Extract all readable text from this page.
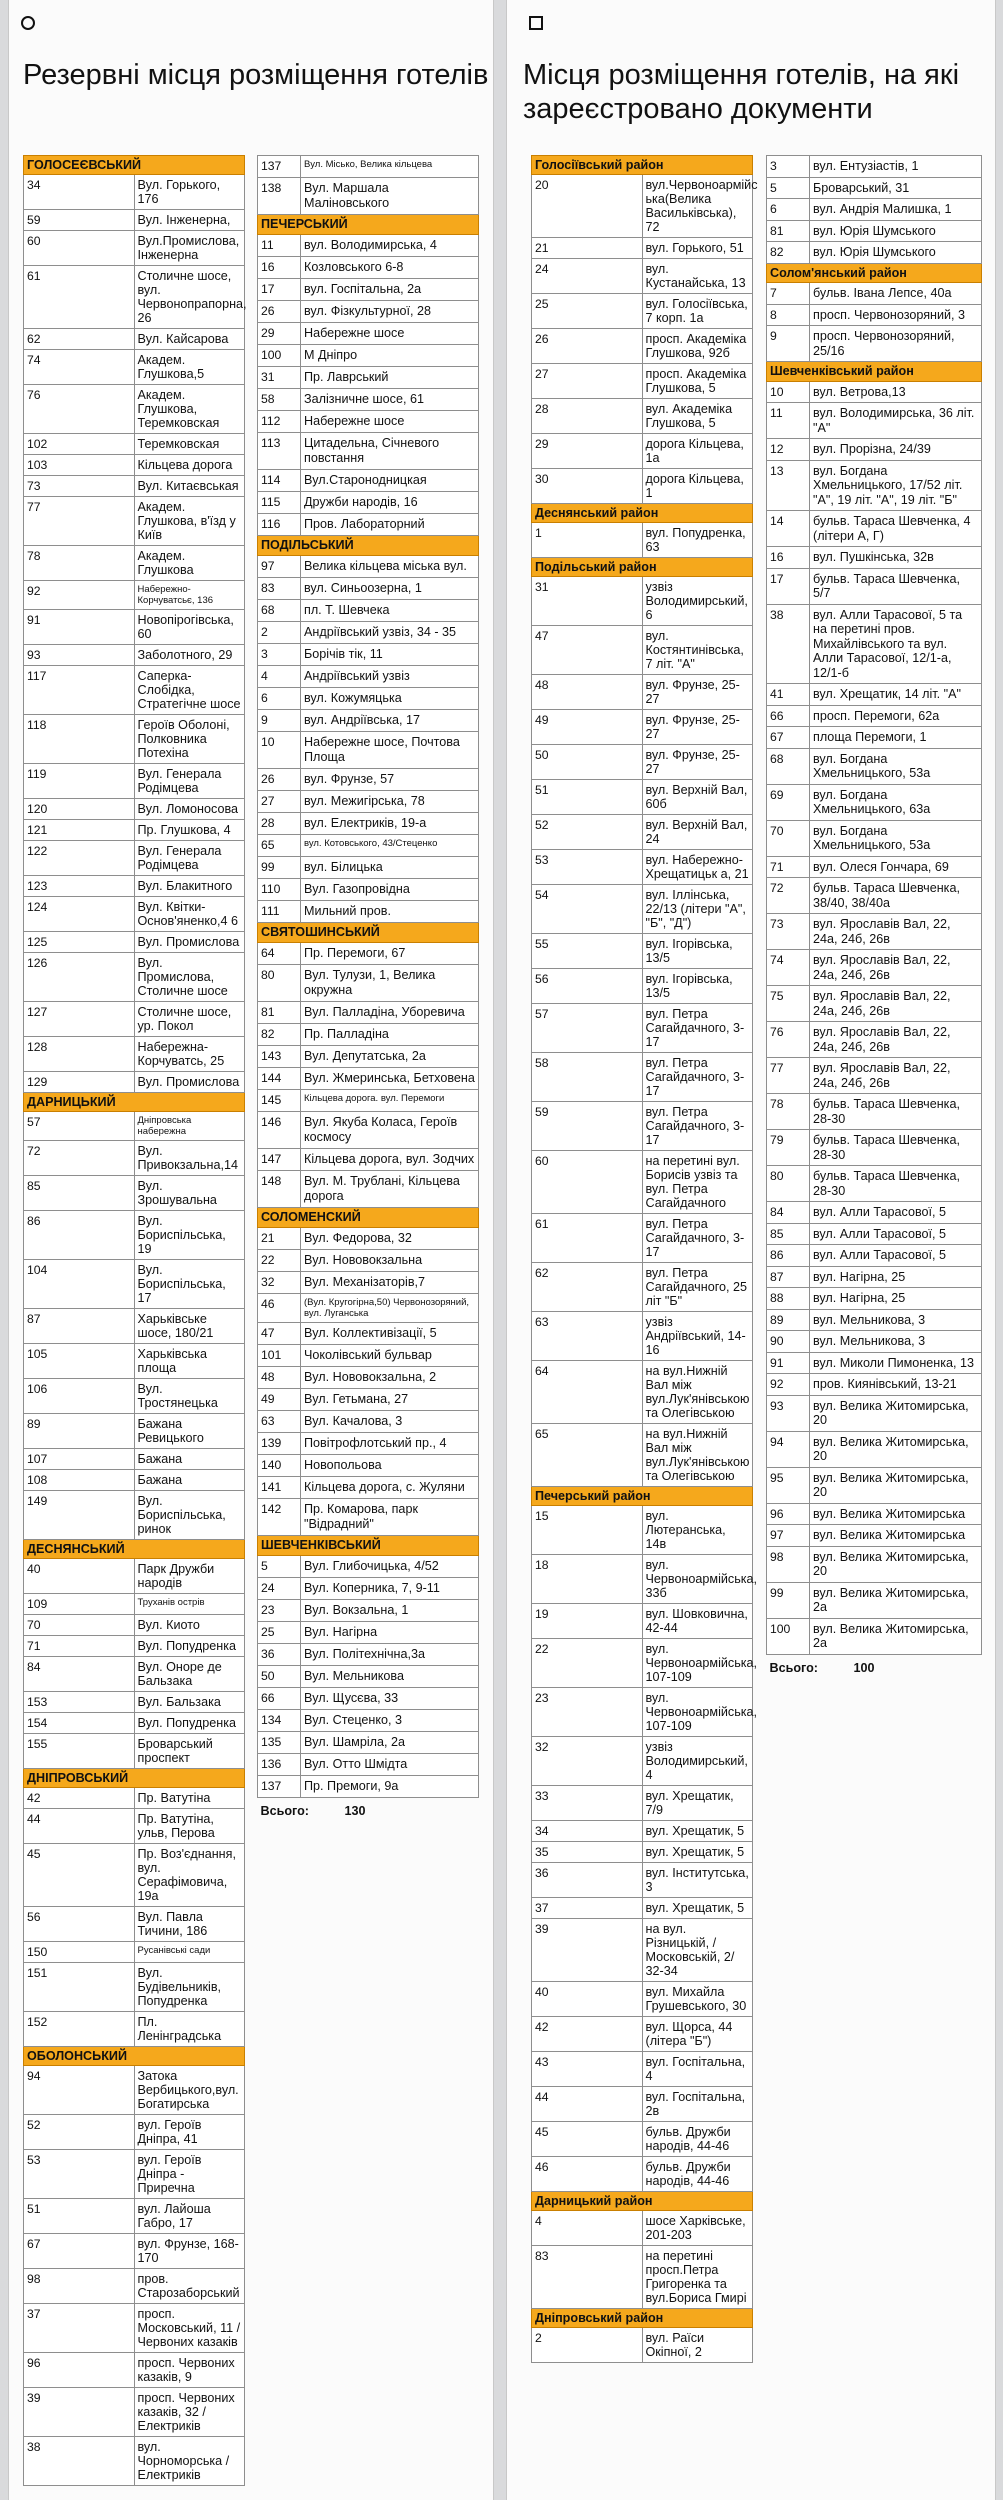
Резервні місця розміщення готелів
ГОЛОСЕЄВСЬКИЙ	
34	Вул. Горького, 176
59	Вул. Інженерна,
60	Вул.Промислова, Інженерна
61	Столичне шосе, вул. Червонопрапорна, 26
62	Вул. Кайсарова
74	Академ. Глушкова,5
76	Академ. Глушкова, Теремковская
102	Теремковская
103	Кільцева дорога
73	Вул. Китаєвськая
77	Академ. Глушкова, в'їзд у Київ
78	Академ. Глушкова
92	Набережно-Корчуватсьє, 136
91	Новопірогівська, 60
93	Заболотного, 29
117	Саперка-Слобідка, Стратегічне шосе
118	Героїв Оболоні, Полковника Потехіна
119	Вул. Генерала Родімцева
120	Вул. Ломоносова
121	Пр. Глушкова, 4
122	Вул. Генерала Родімцева
123	Вул. Блакитного
124	Вул. Квітки-Основ'яненко,4 6
125	Вул. Промислова
126	Вул. Промислова, Столичне шосе
127	Столичне шосе, ур. Покол
128	Набережна-Корчуватсь, 25
129	Вул. Промислова
ДАРНИЦЬКИЙ	
57	Дніпровська набережна
72	Вул. Привокзальна,14
85	Вул. Зрошувальна
86	Вул. Бориспільська, 19
104	Вул. Бориспільська, 17
87	Харьківське шосе, 180/21
105	Харьківська площа
106	Вул. Тростянецька
89	Бажана Ревицького
107	Бажана
108	Бажана
149	Вул. Бориспільська, ринок
ДЕСНЯНСЬКИЙ	
40	Парк Дружби народів
109	Труханів острів
70	Вул. Киото
71	Вул. Попудренка
84	Вул. Оноре де Бальзака
153	Вул. Бальзака
154	Вул. Попудренка
155	Броварський проспект
ДНІПРОВСЬКИЙ	
42	Пр. Ватутіна
44	Пр. Ватутіна, ульв, Перова
45	Пр. Воз'єднання, вул. Серафімовича, 19а
56	Вул. Павла Тичини, 186
150	Русанівські сади
151	Вул. Будівельників, Попудренка
152	Пл. Ленінградська
ОБОЛОНСЬКИЙ	
94	Затока Вербицького,вул. Богатирська
52	вул. Героїв Дніпра, 41
53	вул. Героїв Дніпра - Приречна
51	вул. Лайоша Габро, 17
67	вул. Фрунзе, 168-170
98	пров. Старозаборський
37	просп. Московський, 11 /Червоних казаків
96	просп. Червоних казаків, 9
39	просп. Червоних казаків, 32 / Електриків
38	вул. Чорноморська / Електриків
137	Вул. Місько, Велика кільцева
138	Вул. Маршала Маліновського
ПЕЧЕРСЬКИЙ	
11	вул. Володимирська, 4
16	Козловського 6-8
17	вул. Госпітальна, 2а
26	вул. Фізкультурної, 28
29	Набережне шосе
100	М Дніпро
31	Пр. Лаврський
58	Залізничне шосе, 61
112	Набережне шосе
113	Цитадельна, Січневого повстання
114	Вул.Старонодницкая
115	Дружби народів, 16
116	Пров. Лабораторний
ПОДІЛЬСЬКИЙ	
97	Велика кільцева міська вул.
83	вул. Синьоозерна, 1
68	пл. Т. Шевчека
2	Андріївський узвіз, 34 - 35
3	Борічів тік, 11
4	Андріївський узвіз
6	вул. Кожумяцька
9	вул. Андріївська, 17
10	Набережне шосе, Почтова Площа
26	вул. Фрунзе, 57
27	вул. Межигірська, 78
28	вул. Електриків, 19-а
65	вул. Котовського, 43/Стеценко
99	вул. Білицька
110	Вул. Газопровідна
111	Мильний пров.
СВЯТОШИНСЬКИЙ	
64	Пр. Перемоги, 67
80	Вул. Тулузи, 1, Велика окружна
81	Вул. Палладіна, Уборевича
82	Пр. Палладіна
143	Вул. Депутатська, 2а
144	Вул. Жмеринська, Бетховена
145	Кільцева дорога. вул. Перемоги
146	Вул. Якуба Коласа, Героїв космосу
147	Кільцева дорога, вул. Зодчих
148	Вул. М. Трублані, Кільцева дорога
СОЛОМЕНСКИЙ	
21	Вул. Федорова, 32
22	Вул. Нововокзальна
32	Вул. Механізаторів,7
46	(Вул. Кругогірна,50) Червонозоряний, вул. Луганська
47	Вул. Коллективізації, 5
101	Чоколівський бульвар
48	Вул. Нововокзальна, 2
49	Вул. Гетьмана, 27
63	Вул. Качалова, 3
139	Повітрофлотський пр., 4
140	Новопольова
141	Кільцева дорога, с. Жуляни
142	Пр. Комарова, парк "Відрадний"
ШЕВЧЕНКІВСЬКИЙ	
5	Вул. Глибочицька, 4/52
24	Вул. Коперника, 7, 9-11
23	Вул. Вокзальна, 1
25	Вул. Нагірна
36	Вул. Політехнічна,3а
50	Вул. Мельникова
66	Вул. Щусєва, 33
134	Вул. Стеценко, 3
135	Вул. Шамріла, 2а
136	Вул. Отто Шмідта
137	Пр. Премоги, 9а
Всього:	130
Місця розміщення готелів, на які зареєстровано документи
Голосіївський район	
20	вул.Червоноармійс ька(Велика Васильківська), 72
21	вул. Горького, 51
24	вул. Кустанайська, 13
25	вул. Голосіївська, 7 корп. 1а
26	просп. Академіка Глушкова, 92б
27	просп. Академіка Глушкова, 5
28	вул. Академіка Глушкова, 5
29	дорога Кільцева, 1а
30	дорога Кільцева, 1
Деснянський район	
1	вул. Попудренка, 63
Подільський район	
31	узвіз Володимирський, 6
47	вул. Костянтинівська, 7 літ. "А"
48	вул. Фрунзе, 25-27
49	вул. Фрунзе, 25-27
50	вул. Фрунзе, 25-27
51	вул. Верхній Вал, 60б
52	вул. Верхній Вал, 24
53	вул. Набережно-Хрещатицьк а, 21
54	вул. Іллінська, 22/13 (літери "А", "Б", "Д")
55	вул. Ігорівська, 13/5
56	вул. Ігорівська, 13/5
57	вул. Петра Сагайдачного, 3-17
58	вул. Петра Сагайдачного, 3-17
59	вул. Петра Сагайдачного, 3-17
60	на перетині вул. Борисів узвіз та вул. Петра Сагайдачного
61	вул. Петра Сагайдачного, 3-17
62	вул. Петра Сагайдачного, 25 літ "Б"
63	узвіз Андріївський, 14-16
64	на вул.Нижній Вал між вул.Лук'янівською та Олегівською
65	на вул.Нижній Вал між вул.Лук'янівською та Олегівською
Печерський район	
15	вул. Лютеранська, 14в
18	вул. Червоноармійська, 33б
19	вул. Шовковична, 42-44
22	вул. Червоноармійська, 107-109
23	вул. Червоноармійська, 107-109
32	узвіз Володимирський, 4
33	вул. Хрещатик, 7/9
34	вул. Хрещатик, 5
35	вул. Хрещатик, 5
36	вул. Інститутська, 3
37	вул. Хрещатик, 5
39	на вул. Різницькій, /Московській, 2/ 32-34
40	вул. Михайла Грушевського, 30
42	вул. Щорса, 44 (літера "Б")
43	вул. Госпітальна, 4
44	вул. Госпітальна, 2в
45	бульв. Дружби народів, 44-46
46	бульв. Дружби народів, 44-46
Дарницький район	
4	шосе Харківське, 201-203
83	на перетині просп.Петра Григоренка та вул.Бориса Гмирі
Дніпровський район	
2	вул. Раїси Окіпної, 2
3	вул. Ентузіастів, 1
5	Броварський, 31
6	вул. Андрія Малишка, 1
81	вул. Юрія Шумського
82	вул. Юрія Шумського
Солом'янський район	
7	бульв. Івана Лепсе, 40а
8	просп. Червонозоряний, 3
9	просп. Червонозоряний, 25/16
Шевченківський район	
10	вул. Ветрова,13
11	вул. Володимирська, 36 літ. "А"
12	вул. Прорізна, 24/39
13	вул. Богдана Хмельницького, 17/52 літ. "А", 19 літ. "А", 19 літ. "Б"
14	бульв. Тараса Шевченка, 4 (літери А, Г)
16	вул. Пушкінська, 32в
17	бульв. Тараса Шевченка, 5/7
38	вул. Алли Тарасової, 5 та на перетині пров. Михайлівського та вул. Алли Тарасової, 12/1-а, 12/1-б
41	вул. Хрещатик, 14 літ. "А"
66	просп. Перемоги, 62а
67	площа Перемоги, 1
68	вул. Богдана Хмельницького, 53а
69	вул. Богдана Хмельницького, 63а
70	вул. Богдана Хмельницького, 53а
71	вул. Олеся Гончара, 69
72	бульв. Тараса Шевченка, 38/40, 38/40а
73	вул. Ярославів Вал, 22, 24а, 24б, 26в
74	вул. Ярославів Вал, 22, 24а, 24б, 26в
75	вул. Ярославів Вал, 22, 24а, 24б, 26в
76	вул. Ярославів Вал, 22, 24а, 24б, 26в
77	вул. Ярославів Вал, 22, 24а, 24б, 26в
78	бульв. Тараса Шевченка, 28-30
79	бульв. Тараса Шевченка, 28-30
80	бульв. Тараса Шевченка, 28-30
84	вул. Алли Тарасової, 5
85	вул. Алли Тарасової, 5
86	вул. Алли Тарасової, 5
87	вул. Нагірна, 25
88	вул. Нагірна, 25
89	вул. Мельникова, 3
90	вул. Мельникова, 3
91	вул. Миколи Пимоненка, 13
92	пров. Киянівський, 13-21
93	вул. Велика Житомирська, 20
94	вул. Велика Житомирська, 20
95	вул. Велика Житомирська, 20
96	вул. Велика Житомирська
97	вул. Велика Житомирська
98	вул. Велика Житомирська, 20
99	вул. Велика Житомирська, 2а
100	вул. Велика Житомирська, 2а
Всього:	100
